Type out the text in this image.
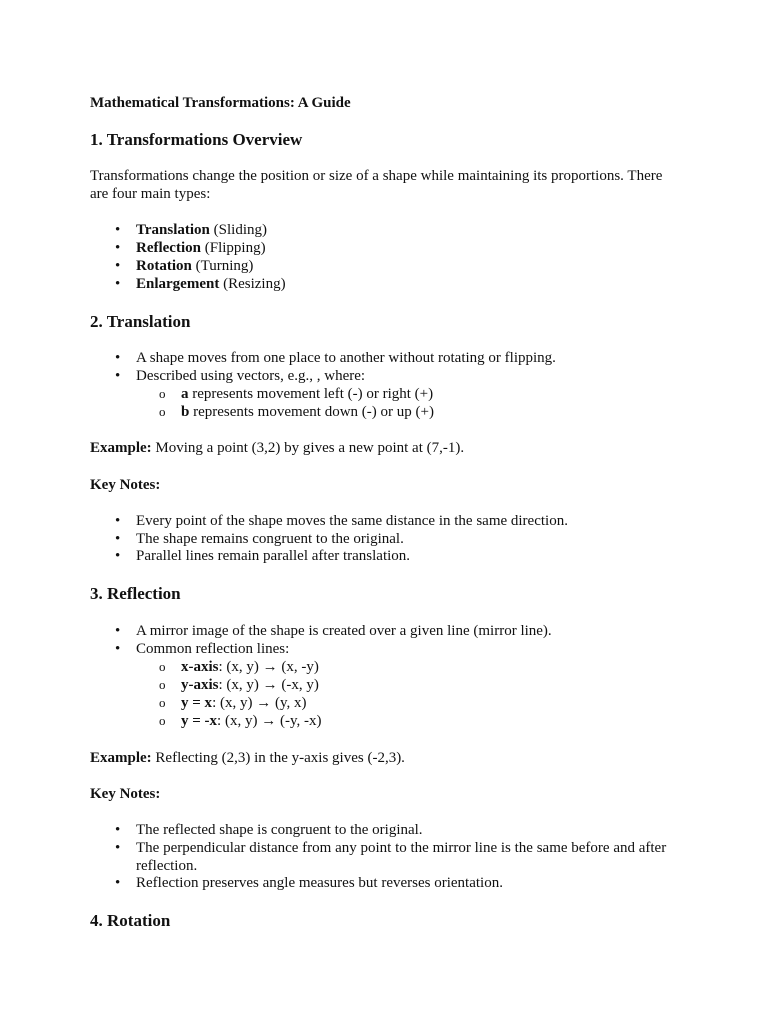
Mathematical Transformations: A Guide
1. Transformations Overview
Transformations change the position or size of a shape while maintaining its proportions. There are four main types:
• Translation (Sliding)
• Reflection (Flipping)
• Rotation (Turning)
• Enlargement (Resizing)
2. Translation
• A shape moves from one place to another without rotating or flipping.
• Described using vectors, e.g., , where:
o a represents movement left (-) or right (+)
o b represents movement down (-) or up (+)
Example: Moving a point (3,2) by gives a new point at (7,-1).
Key Notes:
• Every point of the shape moves the same distance in the same direction.
• The shape remains congruent to the original.
• Parallel lines remain parallel after translation.
3. Reflection
• A mirror image of the shape is created over a given line (mirror line).
• Common reflection lines:
o x-axis: (x, y) → (x, -y)
o y-axis: (x, y) → (-x, y)
o y = x: (x, y) → (y, x)
o y = -x: (x, y) → (-y, -x)
Example: Reflecting (2,3) in the y-axis gives (-2,3).
Key Notes:
• The reflected shape is congruent to the original.
• The perpendicular distance from any point to the mirror line is the same before and after reflection.
• Reflection preserves angle measures but reverses orientation.
4. Rotation
